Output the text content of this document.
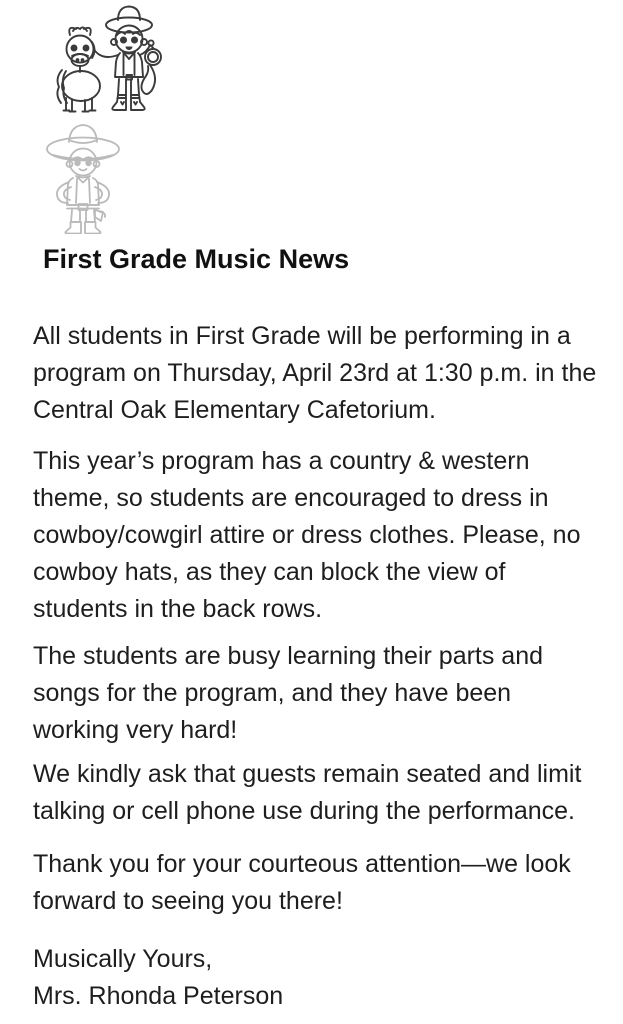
First Grade Music News
All students in First Grade will be performing in a
program on Thursday, April 23rd at 1:30 p.m. in the
Central Oak Elementary Cafetorium.
This year’s program has a country & western
theme, so students are encouraged to dress in
cowboy/cowgirl attire or dress clothes. Please, no
cowboy hats, as they can block the view of
students in the back rows.
The students are busy learning their parts and
songs for the program, and they have been
working very hard!
We kindly ask that guests remain seated and limit
talking or cell phone use during the performance.
Thank you for your courteous attention—we look
forward to seeing you there!
Musically Yours,
Mrs. Rhonda Peterson
